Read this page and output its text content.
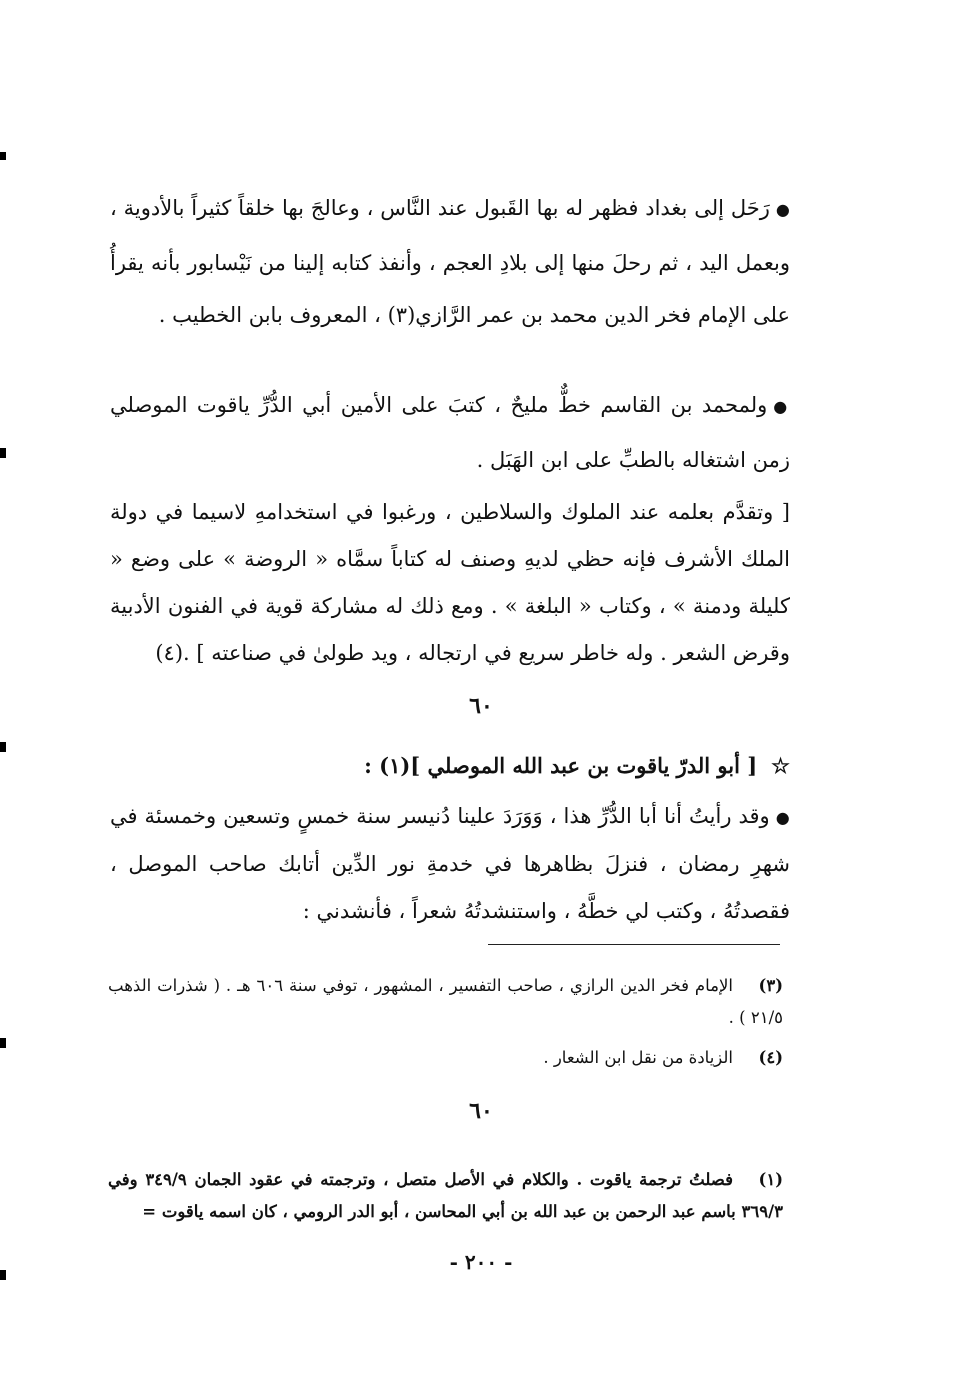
●رَحَل إلى بغداد فظهر له بها القَبول عند النَّاس ، وعالجَ بها خلقاً كثيراً بالأدوية ، وبعمل اليد ، ثم رحلَ منها إلى بلادِ العجم ، وأنفذ كتابه إلينا من نَيْسابور بأنه يقرأُ على الإمام فخر الدين محمد بن عمر الرَّازي(٣) ، المعروف بابن الخطيب .

●ولمحمد بن القاسم خطٌّ مليحٌ ، كتبَ على الأمين أبي الدُّرِّ ياقوت الموصلي زمن اشتغاله بالطبِّ على ابن الهَبَل .

[ وتقدَّم بعلمه عند الملوك والسلاطين ، ورغبوا في استخدامهِ لاسيما في دولة الملك الأشرف فإنه حظي لديهِ وصنف له كتاباً سمَّاه « الروضة » على وضع « كليلة ودمنة » ، وكتاب « البلغة » . ومع ذلك له مشاركة قوية في الفنون الأدبية وقرض الشعر . وله خاطر سريع في ارتجاله ، ويد طولىٰ في صناعته ] .(٤)

٦٠
☆[ أبو الدرّ ياقوت بن عبد الله الموصلي ](١) :

●وقد رأيتُ أنا أبا الدُّرِّ هذا ، وَوَرَدَ علينا دُنيسر سنة خمسٍ وتسعين وخمسئة في شهرِ رمضان ، فنزلَ بظاهرها في خدمةِ نور الدِّين أتابك صاحب الموصل ، فقصدتُهُ ، وكتب لي خطَّهُ ، واستنشدتُهُ شعراً ، فأنشدني :

(٣)الإمام فخر الدين الرازي ، صاحب التفسير ، المشهور ، توفي سنة ٦٠٦ هـ . ( شذرات الذهب ٢١/٥ ) .
(٤)الزيادة من نقل ابن الشعار .
٦٠
(١)فصلتُ ترجمة ياقوت . والكلام في الأصل متصل ، وترجمته في عقود الجمان ٣٤٩/٩ وفي ٣٦٩/٣ باسم عبد الرحمن بن عبد الله بن أبي المحاسن ، أبو الدر الرومي ، كان اسمه ياقوت =
- ٢٠٠ -
